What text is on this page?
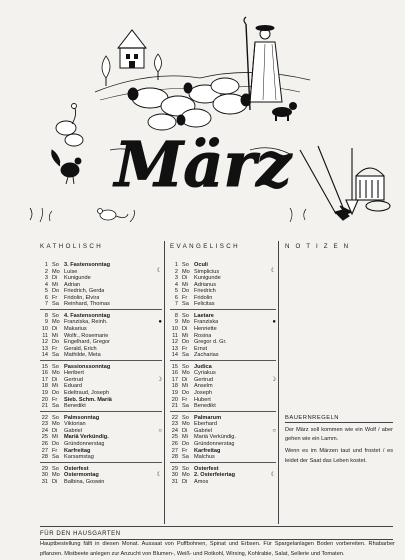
März
KATHOLISCH	EVANGELISCH	NOTIZEN
1 So 3. Fastensonntag
2 Mo Luise
3 Di	Kunigunde
4 Mi	Adrian
5 Do Friedrich, Gerda
6 Fr	Fridolin, Elvira
7 Sa Reinhard, Thomas
☾
8 So 4. Fastensonntag
9 Mo Franziska, Reinh.
10 Di	Makarius
11 Mi	Wolfr., Rosemarie
12 Do Engelhard, Gregor
13 Fr	Gerald, Erich
14 Sa Mathilde, Meta
●
15 So Passionssonntag
16 Mo Heribert
17 Di	Gertrud
18 Mi	Eduard
19 Do Edeltraud, Joseph
20 Fr	Sieb. Schm. Mariä
21 Sa Benedikt
☽
22 So Palmsonntag
23 Mo Viktorian
24 Di	Gabriel
25 Mi	Mariä Verkündig.
26 Do Gründonnerstag
27 Fr	Karfreitag
28 Sa Karsamstag
○
29 So Osterfest
30 Mo Ostermontag
31 Di	Balbina, Goswin
☾
1 So Oculi
2 Mo Simplicius
3 Di	Kunigunde
4 Mi	Adrianus
5 Do Friedrich
6 Fr	Fridolin
7 Sa Felicitas
☾
8 So Laetare
9 Mo Franziska
10 Di	Henriette
11 Mi	Rosina
12 Do Gregor d. Gr.
13 Fr	Ernst
14 Sa Zacharias
●
15 So Judica
16 Mo Cyriakus
17 Di	Gertrud
18 Mi	Anselm
19 Do Joseph
20 Fr	Hubert
21 Sa Benedikt
☽
22 So Palmarum
23 Mo Eberhard
24 Di	Gabriel
25 Mi	Mariä Verkündig.
26 Do Gründonnerstag
27 Fr	Karfreitag
28 Sa Malchus
○
29 So Osterfest
30 Mo 2. Osterfeiertag
31 Di	Amos
☾
BAUERNREGELN

Der März soll kommen wie ein Wolf / aber gehen wie ein Lamm.

Wenn es im Märzen taut und frostet / es leidet der Saat das Leben kostet.

FÜR DEN HAUSGARTEN
Hauptbestellung fällt in diesen Monat. Aussaat von Puffbohnen, Spinat und Erbsen. Für Spargelanlagen Boden vorbereiten. Rhabarber pflanzen. Mistbeete anlegen zur Anzucht von Blumen-, Weiß- und Rotkohl, Wirsing, Kohlrabie, Salat, Sellerie und Tomaten.
